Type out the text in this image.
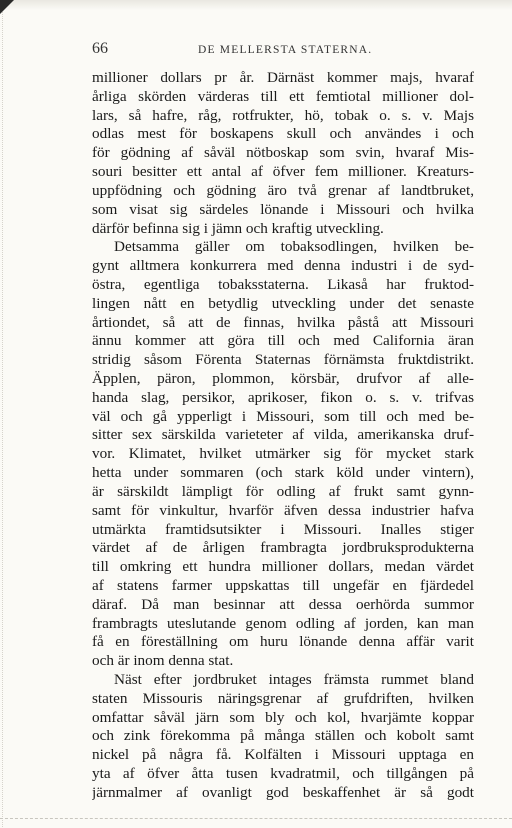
66	DE MELLERSTA STATERNA.
millioner dollars pr år. Därnäst kommer majs, hvaraf
årliga skörden värderas till ett femtiotal millioner dol-
lars, så hafre, råg, rotfrukter, hö, tobak o. s. v. Majs
odlas mest för boskapens skull och användes i och
för gödning af såväl nötboskap som svin, hvaraf Mis-
souri besitter ett antal af öfver fem millioner. Kreaturs-
uppfödning och gödning äro två grenar af landtbruket,
som visat sig särdeles lönande i Missouri och hvilka
därför befinna sig i jämn och kraftig utveckling.
Detsamma gäller om tobaksodlingen, hvilken be-
gynt alltmera konkurrera med denna industri i de syd-
östra, egentliga tobaksstaterna. Likaså har fruktod-
lingen nått en betydlig utveckling under det senaste
årtiondet, så att de finnas, hvilka påstå att Missouri
ännu kommer att göra till och med California äran
stridig såsom Förenta Staternas förnämsta fruktdistrikt.
Äpplen, päron, plommon, körsbär, drufvor af alle-
handa slag, persikor, aprikoser, fikon o. s. v. trifvas
väl och gå ypperligt i Missouri, som till och med be-
sitter sex särskilda varieteter af vilda, amerikanska druf-
vor. Klimatet, hvilket utmärker sig för mycket stark
hetta under sommaren (och stark köld under vintern),
är särskildt lämpligt för odling af frukt samt gynn-
samt för vinkultur, hvarför äfven dessa industrier hafva
utmärkta framtidsutsikter i Missouri. Inalles stiger
värdet af de årligen frambragta jordbruksprodukterna
till omkring ett hundra millioner dollars, medan värdet
af statens farmer uppskattas till ungefär en fjärdedel
däraf. Då man besinnar att dessa oerhörda summor
frambragts uteslutande genom odling af jorden, kan man
få en föreställning om huru lönande denna affär varit
och är inom denna stat.
Näst efter jordbruket intages främsta rummet bland
staten Missouris näringsgrenar af grufdriften, hvilken
omfattar såväl järn som bly och kol, hvarjämte koppar
och zink förekomma på många ställen och kobolt samt
nickel på några få. Kolfälten i Missouri upptaga en
yta af öfver åtta tusen kvadratmil, och tillgången på
järnmalmer af ovanligt god beskaffenhet är så godt
